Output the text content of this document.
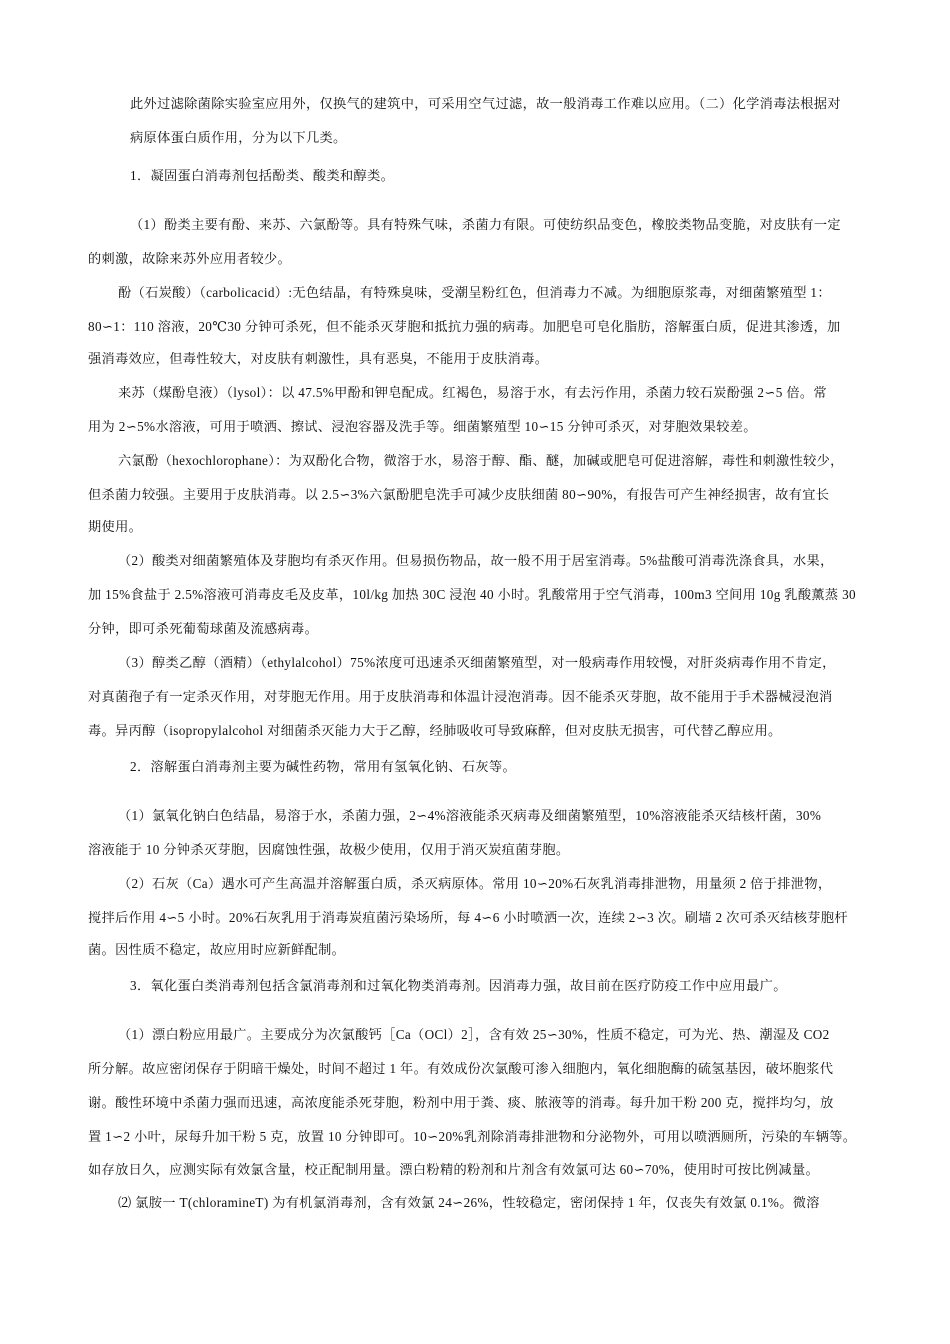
此外过滤除菌除实验室应用外，仅换气的建筑中，可采用空气过滤，故一般消毒工作难以应用。（二）化学消毒法根据对
病原体蛋白质作用，分为以下几类。
1．凝固蛋白消毒剂包括酚类、酸类和醇类。
（1）酚类主要有酚、来苏、六氯酚等。具有特殊气味，杀菌力有限。可使纺织品变色，橡胶类物品变脆，对皮肤有一定
的刺激，故除来苏外应用者较少。
酚（石炭酸）（carbolicacid）:无色结晶，有特殊臭味，受潮呈粉红色，但消毒力不减。为细胞原浆毒，对细菌繁殖型 1：
80∽1：110 溶液，20℃30 分钟可杀死，但不能杀灭芽胞和抵抗力强的病毒。加肥皂可皂化脂肪，溶解蛋白质，促进其渗透，加
强消毒效应，但毒性较大，对皮肤有刺激性，具有恶臭，不能用于皮肤消毒。
来苏（煤酚皂液）（lysol）：以 47.5%甲酚和钾皂配成。红褐色，易溶于水，有去污作用，杀菌力较石炭酚强 2∽5 倍。常
用为 2∽5%水溶液，可用于喷洒、擦试、浸泡容器及洗手等。细菌繁殖型 10∽15 分钟可杀灭，对芽胞效果较差。
六氯酚（hexochlorophane）：为双酚化合物，微溶于水，易溶于醇、酯、醚，加碱或肥皂可促进溶解，毒性和刺激性较少，
但杀菌力较强。主要用于皮肤消毒。以 2.5∽3%六氯酚肥皂洗手可减少皮肤细菌 80∽90%，有报告可产生神经损害，故有宜长
期使用。
（2）酸类对细菌繁殖体及芽胞均有杀灭作用。但易损伤物品，故一般不用于居室消毒。5%盐酸可消毒洗涤食具，水果，
加 15%食盐于 2.5%溶液可消毒皮毛及皮革，10l/kg 加热 30C 浸泡 40 小时。乳酸常用于空气消毒，100m3 空间用 10g 乳酸薰蒸 30
分钟，即可杀死葡萄球菌及流感病毒。
（3）醇类乙醇（酒精）（ethylalcohol）75%浓度可迅速杀灭细菌繁殖型，对一般病毒作用较慢，对肝炎病毒作用不肯定，
对真菌孢子有一定杀灭作用，对芽胞无作用。用于皮肤消毒和体温计浸泡消毒。因不能杀灭芽胞，故不能用于手术器械浸泡消
毒。异丙醇（isopropylalcohol 对细菌杀灭能力大于乙醇，经肺吸收可导致麻醉，但对皮肤无损害，可代替乙醇应用。
2．溶解蛋白消毒剂主要为碱性药物，常用有氢氧化钠、石灰等。
（1）氯氧化钠白色结晶，易溶于水，杀菌力强，2∽4%溶液能杀灭病毒及细菌繁殖型，10%溶液能杀灭结核杆菌，30%
溶液能于 10 分钟杀灭芽胞，因腐蚀性强，故极少使用，仅用于消灭炭疽菌芽胞。
（2）石灰（Ca）遇水可产生高温并溶解蛋白质，杀灭病原体。常用 10∽20%石灰乳消毒排泄物，用量须 2 倍于排泄物，
搅拌后作用 4∽5 小时。20%石灰乳用于消毒炭疽菌污染场所，每 4∽6 小时喷洒一次，连续 2∽3 次。刷墙 2 次可杀灭结核芽胞杆
菌。因性质不稳定，故应用时应新鲜配制。
3．氧化蛋白类消毒剂包括含氯消毒剂和过氧化物类消毒剂。因消毒力强，故目前在医疗防疫工作中应用最广。
（1）漂白粉应用最广。主要成分为次氯酸钙［Ca（OCl）2］，含有效 25∽30%，性质不稳定，可为光、热、潮湿及 CO2
所分解。故应密闭保存于阴暗干燥处，时间不超过 1 年。有效成份次氯酸可渗入细胞内，氧化细胞酶的硫氢基因，破坏胞浆代
谢。酸性环境中杀菌力强而迅速，高浓度能杀死芽胞，粉剂中用于粪、痰、脓液等的消毒。每升加干粉 200 克，搅拌均匀，放
置 1∽2 小叶，尿每升加干粉 5 克，放置 10 分钟即可。10∽20%乳剂除消毒排泄物和分泌物外，可用以喷洒厕所，污染的车辆等。
如存放日久，应测实际有效氯含量，校正配制用量。漂白粉精的粉剂和片剂含有效氯可达 60∽70%，使用时可按比例减量。
⑵ 氯胺一 T(chloramineT) 为有机氯消毒剂，含有效氯 24∽26%，性较稳定，密闭保持 1 年，仅丧失有效氯 0.1%。微溶
